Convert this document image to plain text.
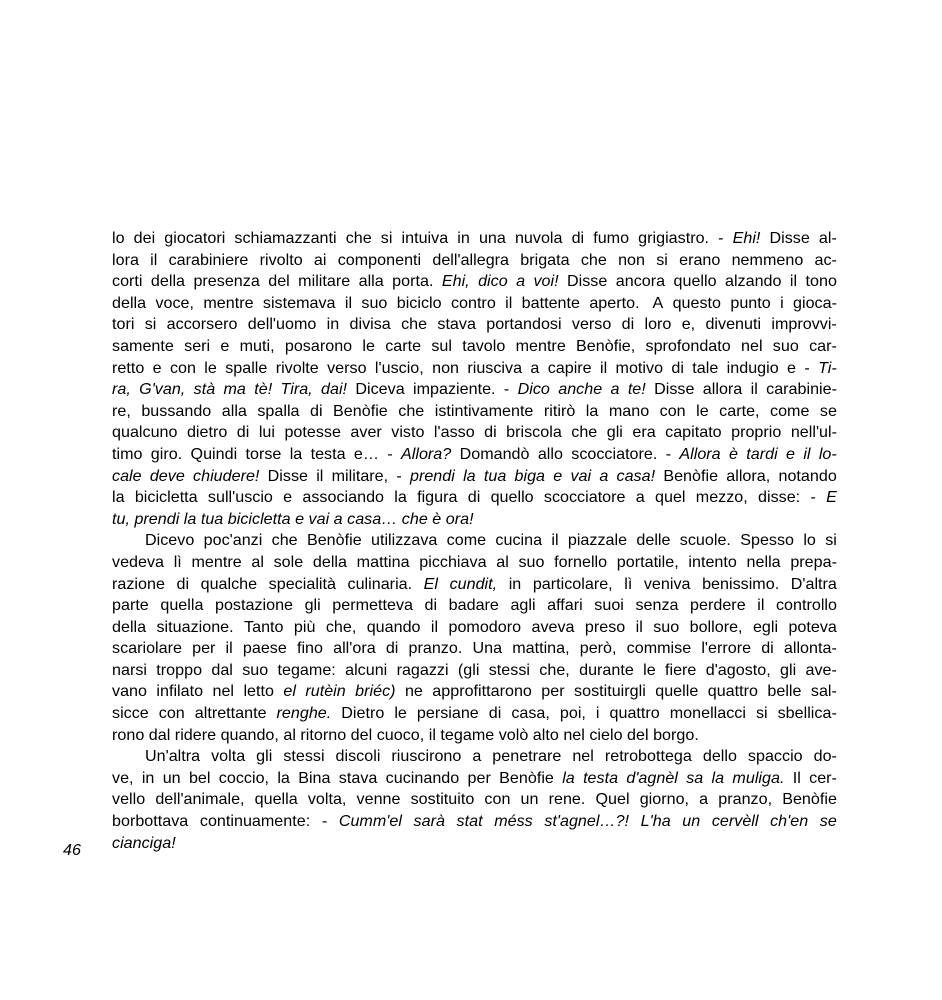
lo dei giocatori schiamazzanti che si intuiva in una nuvola di fumo grigiastro. - Ehi! Disse al-
lora il carabiniere rivolto ai componenti dell'allegra brigata che non si erano nemmeno ac-
corti della presenza del militare alla porta. Ehi, dico a voi! Disse ancora quello alzando il tono
della voce, mentre sistemava il suo biciclo contro il battente aperto. A questo punto i gioca-
tori si accorsero dell'uomo in divisa che stava portandosi verso di loro e, divenuti improvvi-
samente seri e muti, posarono le carte sul tavolo mentre Benòfie, sprofondato nel suo car-
retto e con le spalle rivolte verso l'uscio, non riusciva a capire il motivo di tale indugio e - Ti-
ra, G'van, stà ma tè! Tira, dai! Diceva impaziente. - Dico anche a te! Disse allora il carabinie-
re, bussando alla spalla di Benòfie che istintivamente ritirò la mano con le carte, come se
qualcuno dietro di lui potesse aver visto l'asso di briscola che gli era capitato proprio nell'ul-
timo giro. Quindi torse la testa e… - Allora? Domandò allo scocciatore. - Allora è tardi e il lo-
cale deve chiudere! Disse il militare, - prendi la tua biga e vai a casa! Benòfie allora, notando
la bicicletta sull'uscio e associando la figura di quello scocciatore a quel mezzo, disse: - E
tu, prendi la tua bicicletta e vai a casa… che è ora!
Dicevo poc'anzi che Benòfie utilizzava come cucina il piazzale delle scuole. Spesso lo si
vedeva lì mentre al sole della mattina picchiava al suo fornello portatile, intento nella prepa-
razione di qualche specialità culinaria. El cundit, in particolare, lì veniva benissimo. D'altra
parte quella postazione gli permetteva di badare agli affari suoi senza perdere il controllo
della situazione. Tanto più che, quando il pomodoro aveva preso il suo bollore, egli poteva
scariolare per il paese fino all'ora di pranzo. Una mattina, però, commise l'errore di allonta-
narsi troppo dal suo tegame: alcuni ragazzi (gli stessi che, durante le fiere d'agosto, gli ave-
vano infilato nel letto el rutèin briéc) ne approfittarono per sostituirgli quelle quattro belle sal-
sicce con altrettante renghe. Dietro le persiane di casa, poi, i quattro monellacci si sbellica-
rono dal ridere quando, al ritorno del cuoco, il tegame volò alto nel cielo del borgo.
Un'altra volta gli stessi discoli riuscirono a penetrare nel retrobottega dello spaccio do-
ve, in un bel coccio, la Bina stava cucinando per Benòfie la testa d'agnèl sa la muliga. Il cer-
vello dell'animale, quella volta, venne sostituito con un rene. Quel giorno, a pranzo, Benòfie
borbottava continuamente: - Cumm'el sarà stat méss st'agnel…?! L'ha un cervèll ch'en se
cianciga!
46
